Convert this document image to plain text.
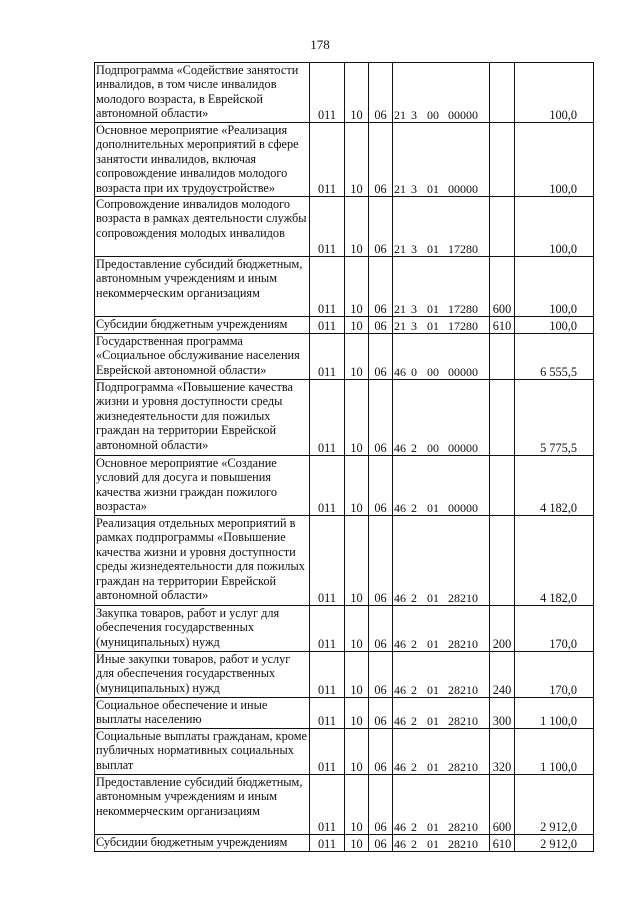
178
Подпрограмма «Содействие занятости инвалидов, в том числе инвалидов молодого возраста, в Еврейской автономной области»	011	10	06	21 3 00 00000		100,0
Основное мероприятие «Реализация дополнительных мероприятий в сфере занятости инвалидов, включая сопровождение инвалидов молодого возраста при их трудоустройстве»	011	10	06	21 3 01 00000		100,0
Сопровождение инвалидов молодого возраста в рамках деятельности службы сопровождения молодых инвалидов	011	10	06	21 3 01 17280		100,0
Предоставление субсидий бюджетным, автономным учреждениям и иным некоммерческим организациям	011	10	06	21 3 01 17280	600	100,0
Субсидии бюджетным учреждениям	011	10	06	21 3 01 17280	610	100,0
Государственная программа «Социальное обслуживание населения Еврейской автономной области»	011	10	06	46 0 00 00000		6 555,5
Подпрограмма «Повышение качества жизни и уровня доступности среды жизнедеятельности для пожилых граждан на территории Еврейской автономной области»	011	10	06	46 2 00 00000		5 775,5
Основное мероприятие «Создание условий для досуга и повышения качества жизни граждан пожилого возраста»	011	10	06	46 2 01 00000		4 182,0
Реализация отдельных мероприятий в рамках подпрограммы «Повышение качества жизни и уровня доступности среды жизнедеятельности для пожилых граждан на территории Еврейской автономной области»	011	10	06	46 2 01 28210		4 182,0
Закупка товаров, работ и услуг для обеспечения государственных (муниципальных) нужд	011	10	06	46 2 01 28210	200	170,0
Иные закупки товаров, работ и услуг для обеспечения государственных (муниципальных) нужд	011	10	06	46 2 01 28210	240	170,0
Социальное обеспечение и иные выплаты населению	011	10	06	46 2 01 28210	300	1 100,0
Социальные выплаты гражданам, кроме публичных нормативных социальных выплат	011	10	06	46 2 01 28210	320	1 100,0
Предоставление субсидий бюджетным, автономным учреждениям и иным некоммерческим организациям	011	10	06	46 2 01 28210	600	2 912,0
Субсидии бюджетным учреждениям	011	10	06	46 2 01 28210	610	2 912,0
